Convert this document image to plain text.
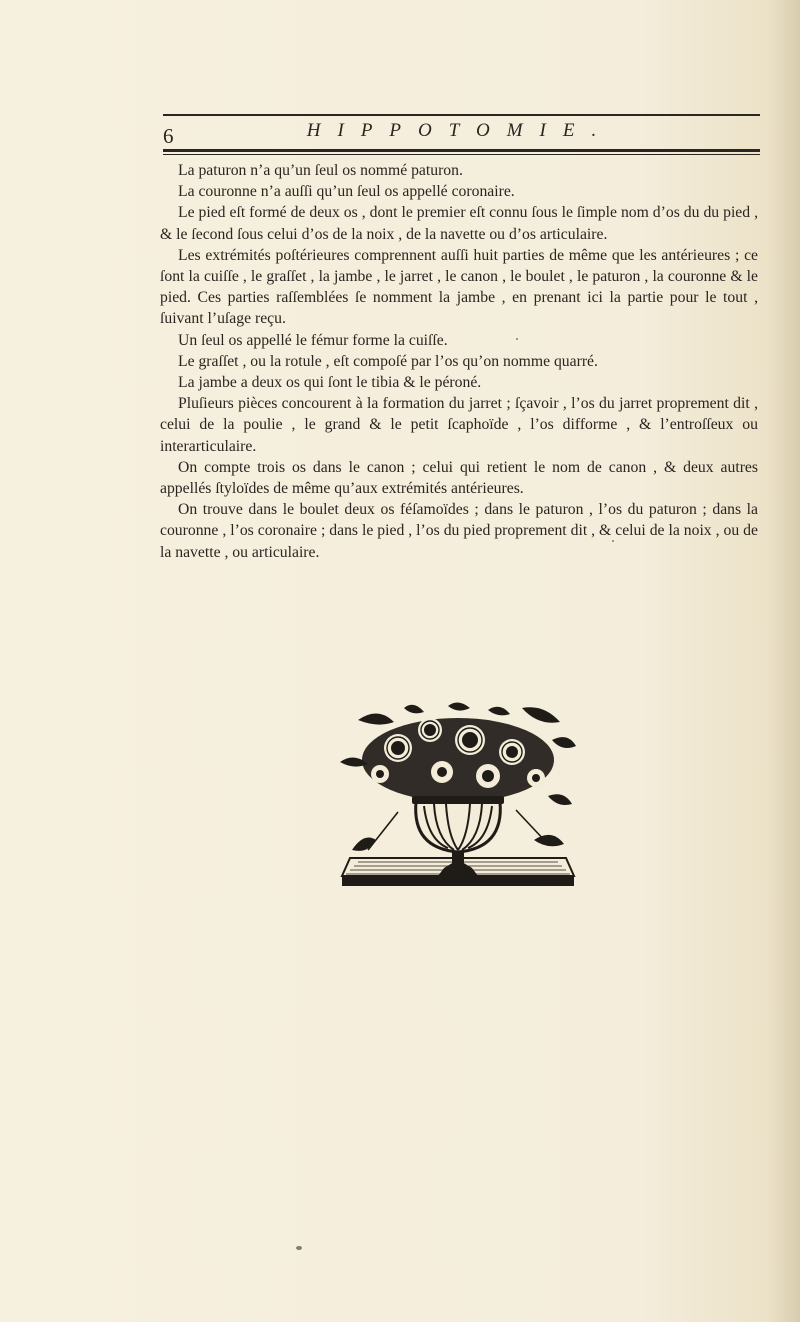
6	HIPPOTOMIE.

La paturon n’a qu’un ſeul os nommé paturon.

La couronne n’a auſſi qu’un ſeul os appellé coronaire.

Le pied eſt formé de deux os , dont le premier eſt connu ſous le ſimple nom d’os du du pied , & le ſecond ſous celui d’os de la noix , de la navette ou d’os articulaire.

Les extrémités poſtérieures comprennent auſſi huit parties de même que les antérieures ; ce ſont la cuiſſe , le graſſet , la jambe , le jarret , le canon , le boulet , le paturon , la couronne & le pied. Ces parties raſſemblées ſe nomment la jambe , en prenant ici la partie pour le tout , ſuivant l’uſage reçu.

Un ſeul os appellé le fémur forme la cuiſſe.

Le graſſet , ou la rotule , eſt compoſé par l’os qu’on nomme quarré.

La jambe a deux os qui ſont le tibia & le péroné.

Pluſieurs pièces concourent à la formation du jarret ; ſçavoir , l’os du jarret proprement dit , celui de la poulie , le grand & le petit ſcaphoïde , l’os difforme , & l’entroſſeux ou interarticulaire.

On compte trois os dans le canon ; celui qui retient le nom de canon , & deux autres appellés ſtyloïdes de même qu’aux extrémités antérieures.

On trouve dans le boulet deux os féſamoïdes ; dans le paturon , l’os du paturon ; dans la couronne , l’os coronaire ; dans le pied , l’os du pied proprement dit , & celui de la noix , ou de la navette , ou articulaire.
